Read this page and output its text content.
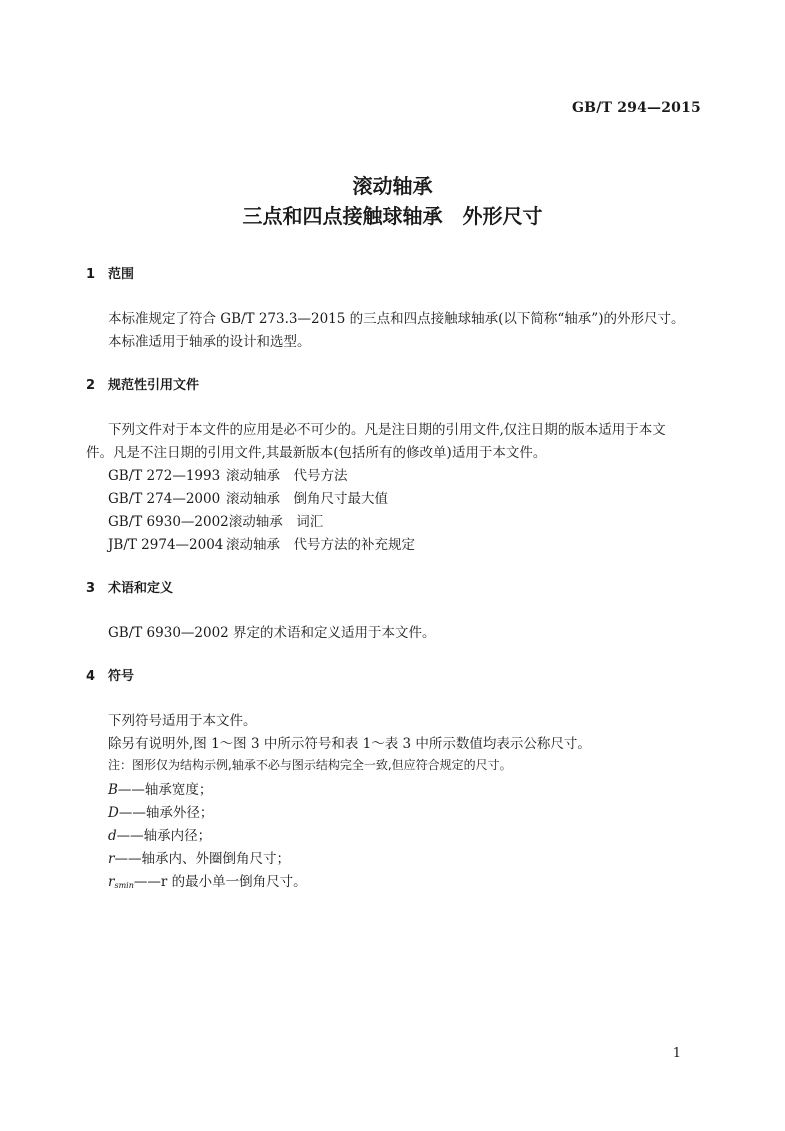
GB/T 294—2015
滚动轴承
三点和四点接触球轴承　外形尺寸
1 范围
本标准规定了符合 GB/T 273.3—2015 的三点和四点接触球轴承(以下简称“轴承”)的外形尺寸。
本标准适用于轴承的设计和选型。
2 规范性引用文件
下列文件对于本文件的应用是必不可少的。凡是注日期的引用文件,仅注日期的版本适用于本文
件。凡是不注日期的引用文件,其最新版本(包括所有的修改单)适用于本文件。
GB/T 272—1993 滚动轴承　代号方法
GB/T 274—2000 滚动轴承　倒角尺寸最大值
GB/T 6930—2002滚动轴承　词汇
JB/T 2974—2004 滚动轴承　代号方法的补充规定
3 术语和定义
GB/T 6930—2002 界定的术语和定义适用于本文件。
4 符号
下列符号适用于本文件。
除另有说明外,图 1～图 3 中所示符号和表 1～表 3 中所示数值均表示公称尺寸。
注：图形仅为结构示例,轴承不必与图示结构完全一致,但应符合规定的尺寸。
B——轴承宽度；
D——轴承外径；
d——轴承内径；
r——轴承内、外圈倒角尺寸；
$r_{smin}——r$ 的最小单一倒角尺寸。
1
